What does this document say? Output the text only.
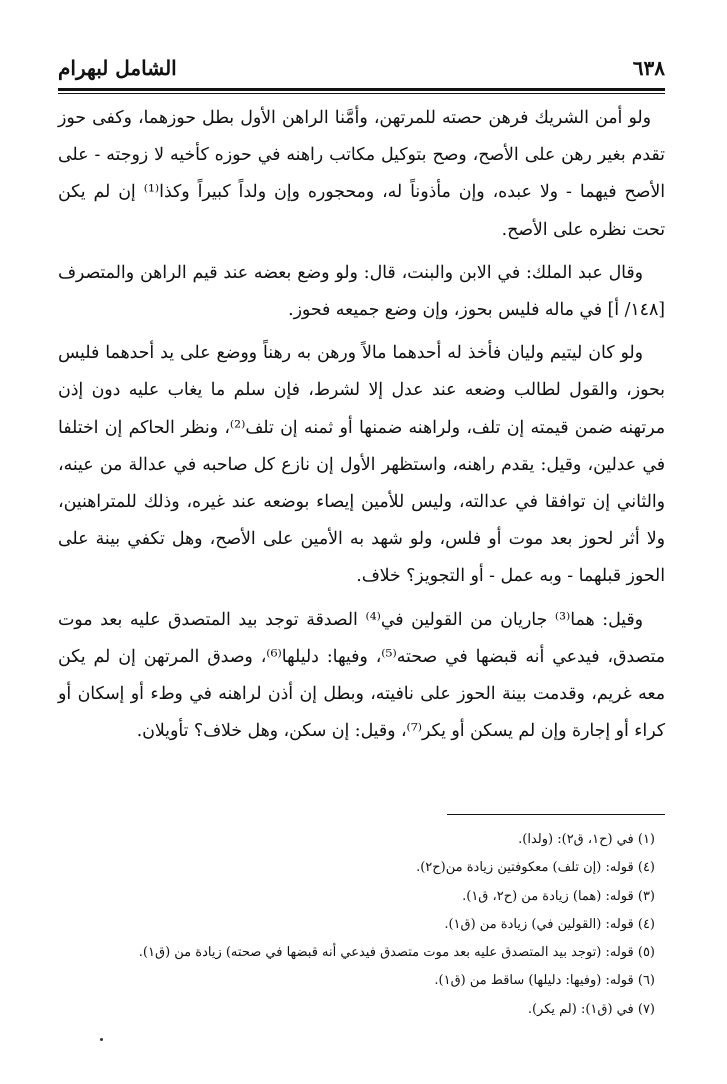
٦٣٨
الشامل لبهرام

ولو أمن الشريك فرهن حصته للمرتهن، وأمَّنا الراهن الأول بطل حوزهما، وكفى حوز تقدم بغير رهن على الأصح، وصح بتوكيل مكاتب راهنه في حوزه كأخيه لا زوجته - على الأصح فيهما - ولا عبده، وإن مأذوناً له، ومحجوره وإن ولداً كبيراً وكذا⁽¹⁾ إن لم يكن تحت نظره على الأصح.

وقال عبد الملك: في الابن والبنت، قال: ولو وضع بعضه عند قيم الراهن والمتصرف [١٤٨/ أ] في ماله فليس بحوز، وإن وضع جميعه فحوز.

ولو كان ليتيم وليان فأخذ له أحدهما مالاً ورهن به رهناً ووضع على يد أحدهما فليس بحوز، والقول لطالب وضعه عند عدل إلا لشرط، فإن سلم ما يغاب عليه دون إذن مرتهنه ضمن قيمته إن تلف، ولراهنه ضمنها أو ثمنه إن تلف⁽²⁾، ونظر الحاكم إن اختلفا في عدلين، وقيل: يقدم راهنه، واستظهر الأول إن نازع كل صاحبه في عدالة من عينه، والثاني إن توافقا في عدالته، وليس للأمين إيصاء بوضعه عند غيره، وذلك للمتراهنين، ولا أثر لحوز بعد موت أو فلس، ولو شهد به الأمين على الأصح، وهل تكفي بينة على الحوز قبلهما - وبه عمل - أو التجويز؟ خلاف.

وقيل: هما⁽³⁾ جاريان من القولين في⁽⁴⁾ الصدقة توجد بيد المتصدق عليه بعد موت متصدق، فيدعي أنه قبضها في صحته⁽⁵⁾، وفيها: دليلها⁽⁶⁾، وصدق المرتهن إن لم يكن معه غريم، وقدمت بينة الحوز على نافيته، وبطل إن أذن لراهنه في وطء أو إسكان أو كراء أو إجارة وإن لم يسكن أو يكر⁽⁷⁾، وقيل: إن سكن، وهل خلاف؟ تأويلان.

(١) في (ح١، ق٢): (ولدا).
(٤) قوله: (إن تلف) معكوفتين زيادة من(ح٢).
(٣) قوله: (هما) زيادة من (ح٢، ق١).
(٤) قوله: (القولين في) زيادة من (ق١).
(٥) قوله: (توجد بيد المتصدق عليه بعد موت متصدق فيدعي أنه قبضها في صحته) زيادة من (ق١).
(٦) قوله: (وفيها: دليلها) ساقط من (ق١).
(٧) في (ق١): (لم يكر).
